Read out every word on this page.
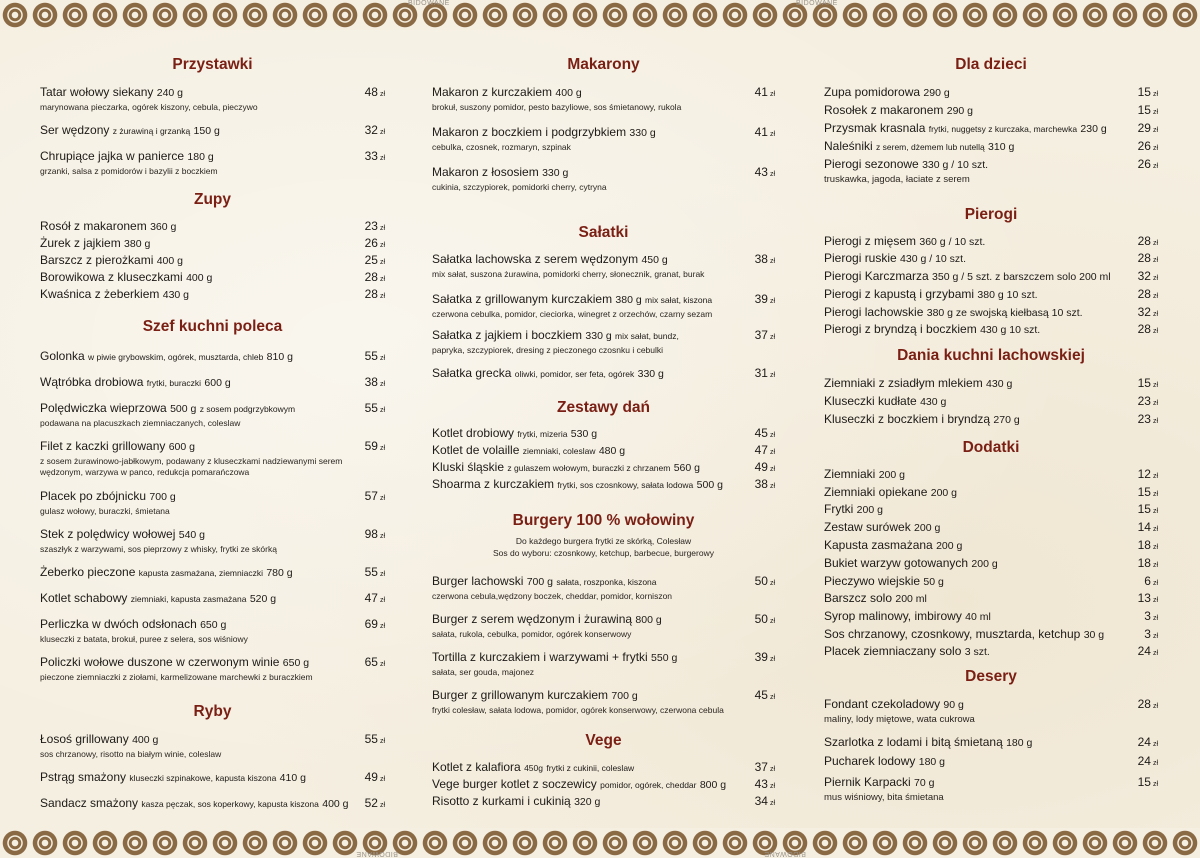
BIDOWANE	BIDOWANE
BIDOWANE	BIDOWANE
Przystawki
Tatar wołowy siekany 240 g
marynowana pieczarka, ogórek kiszony, cebula, pieczywo
48 zł
Ser wędzony z żurawiną i grzanką 150 g	32 zł
Chrupiące jajka w panierce 180 g
grzanki, salsa z pomidorów i bazylii z boczkiem
33 zł
Zupy
Rosół z makaronem 360 g	23 zł
Żurek z jajkiem 380 g	26 zł
Barszcz z pierożkami 400 g	25 zł
Borowikowa z kluseczkami 400 g	28 zł
Kwaśnica z żeberkiem 430 g	28 zł
Szef kuchni poleca
Golonka w piwie grybowskim, ogórek, musztarda, chleb 810 g	55 zł
Wątróbka drobiowa frytki, buraczki 600 g	38 zł
Polędwiczka wieprzowa 500 g z sosem podgrzybkowym
podawana na placuszkach ziemniaczanych, coleslaw
55 zł
Filet z kaczki grillowany 600 g
z sosem żurawinowo-jabłkowym, podawany z kluseczkami nadziewanymi serem wędzonym, warzywa w panco, redukcja pomarańczowa
59 zł
Placek po zbójnicku 700 g
gulasz wołowy, buraczki, śmietana
57 zł
Stek z polędwicy wołowej 540 g
szaszłyk z warzywami, sos pieprzowy z whisky, frytki ze skórką
98 zł
Żeberko pieczone kapusta zasmażana, ziemniaczki 780 g	55 zł
Kotlet schabowy ziemniaki, kapusta zasmażana 520 g	47 zł
Perliczka w dwóch odsłonach 650 g
kluseczki z batata, brokuł, puree z selera, sos wiśniowy
69 zł
Policzki wołowe duszone w czerwonym winie 650 g
pieczone ziemniaczki z ziołami, karmelizowane marchewki z buraczkiem
65 zł
Ryby
Łosoś grillowany 400 g
sos chrzanowy, risotto na białym winie, coleslaw
55 zł
Pstrąg smażony kluseczki szpinakowe, kapusta kiszona 410 g	49 zł
Sandacz smażony kasza pęczak, sos koperkowy, kapusta kiszona 400 g 52 zł
Makarony
Makaron z kurczakiem 400 g
brokuł, suszony pomidor, pesto bazyliowe, sos śmietanowy, rukola
41 zł
Makaron z boczkiem i podgrzybkiem 330 g
cebulka, czosnek, rozmaryn, szpinak
41 zł
Makaron z łososiem 330 g
cukinia, szczypiorek, pomidorki cherry, cytryna
43 zł
Sałatki
Sałatka lachowska z serem wędzonym 450 g
mix sałat, suszona żurawina, pomidorki cherry, słonecznik, granat, burak
38 zł
Sałatka z grillowanym kurczakiem 380 g mix sałat, kiszona
czerwona cebulka, pomidor, cieciorka, winegret z orzechów, czarny sezam
39 zł
Sałatka z jajkiem i boczkiem 330 g mix sałat, bundz,
papryka, szczypiorek, dresing z pieczonego czosnku i cebulki
37 zł
Sałatka grecka oliwki, pomidor, ser feta, ogórek 330 g	31 zł
Zestawy dań
Kotlet drobiowy frytki, mizeria 530 g	45 zł
Kotlet de volaille ziemniaki, coleslaw 480 g	47 zł
Kluski śląskie z gulaszem wołowym, buraczki z chrzanem 560 g	49 zł
Shoarma z kurczakiem frytki, sos czosnkowy, sałata lodowa 500 g	38 zł
Burgery 100 % wołowiny
Do każdego burgera frytki ze skórką, Colesław
Sos do wyboru: czosnkowy, ketchup, barbecue, burgerowy
Burger lachowski 700 g sałata, roszponka, kiszona
czerwona cebula,wędzony boczek, cheddar, pomidor, korniszon
50 zł
Burger z serem wędzonym i żurawiną 800 g
sałata, rukola, cebulka, pomidor, ogórek konserwowy
50 zł
Tortilla z kurczakiem i warzywami + frytki 550 g
sałata, ser gouda, majonez
39 zł
Burger z grillowanym kurczakiem 700 g
frytki colesław, sałata lodowa, pomidor, ogórek konserwowy, czerwona cebula
45 zł
Vege
Kotlet z kalafiora 450g frytki z cukinii, coleslaw	37 zł
Vege burger kotlet z soczewicy pomidor, ogórek, cheddar 800 g	43 zł
Risotto z kurkami i cukinią 320 g	34 zł
Dla dzieci
Zupa pomidorowa 290 g	15 zł
Rosołek z makaronem 290 g	15 zł
Przysmak krasnala frytki, nuggetsy z kurczaka, marchewka 230 g	29 zł
Naleśniki z serem, dżemem lub nutellą 310 g	26 zł
Pierogi sezonowe 330 g / 10 szt.
truskawka, jagoda, łaciate z serem
26 zł
Pierogi
Pierogi z mięsem 360 g / 10 szt.	28 zł
Pierogi ruskie 430 g / 10 szt.	28 zł
Pierogi Karczmarza 350 g / 5 szt. z barszczem solo 200 ml	32 zł
Pierogi z kapustą i grzybami 380 g 10 szt.	28 zł
Pierogi lachowskie 380 g ze swojską kiełbasą 10 szt.	32 zł
Pierogi z bryndzą i boczkiem 430 g 10 szt.	28 zł
Dania kuchni lachowskiej
Ziemniaki z zsiadłym mlekiem 430 g	15 zł
Kluseczki kudłate 430 g	23 zł
Kluseczki z boczkiem i bryndzą 270 g	23 zł
Dodatki
Ziemniaki 200 g	12 zł
Ziemniaki opiekane 200 g	15 zł
Frytki 200 g	15 zł
Zestaw surówek 200 g	14 zł
Kapusta zasmażana 200 g	18 zł
Bukiet warzyw gotowanych 200 g	18 zł
Pieczywo wiejskie 50 g	6 zł
Barszcz solo 200 ml	13 zł
Syrop malinowy, imbirowy 40 ml	3 zł
Sos chrzanowy, czosnkowy, musztarda, ketchup 30 g	3 zł
Placek ziemniaczany solo 3 szt.	24 zł
Desery
Fondant czekoladowy 90 g
maliny, lody miętowe, wata cukrowa
28 zł
Szarlotka z lodami i bitą śmietaną 180 g	24 zł
Pucharek lodowy 180 g	24 zł
Piernik Karpacki 70 g
mus wiśniowy, bita śmietana
15 zł
